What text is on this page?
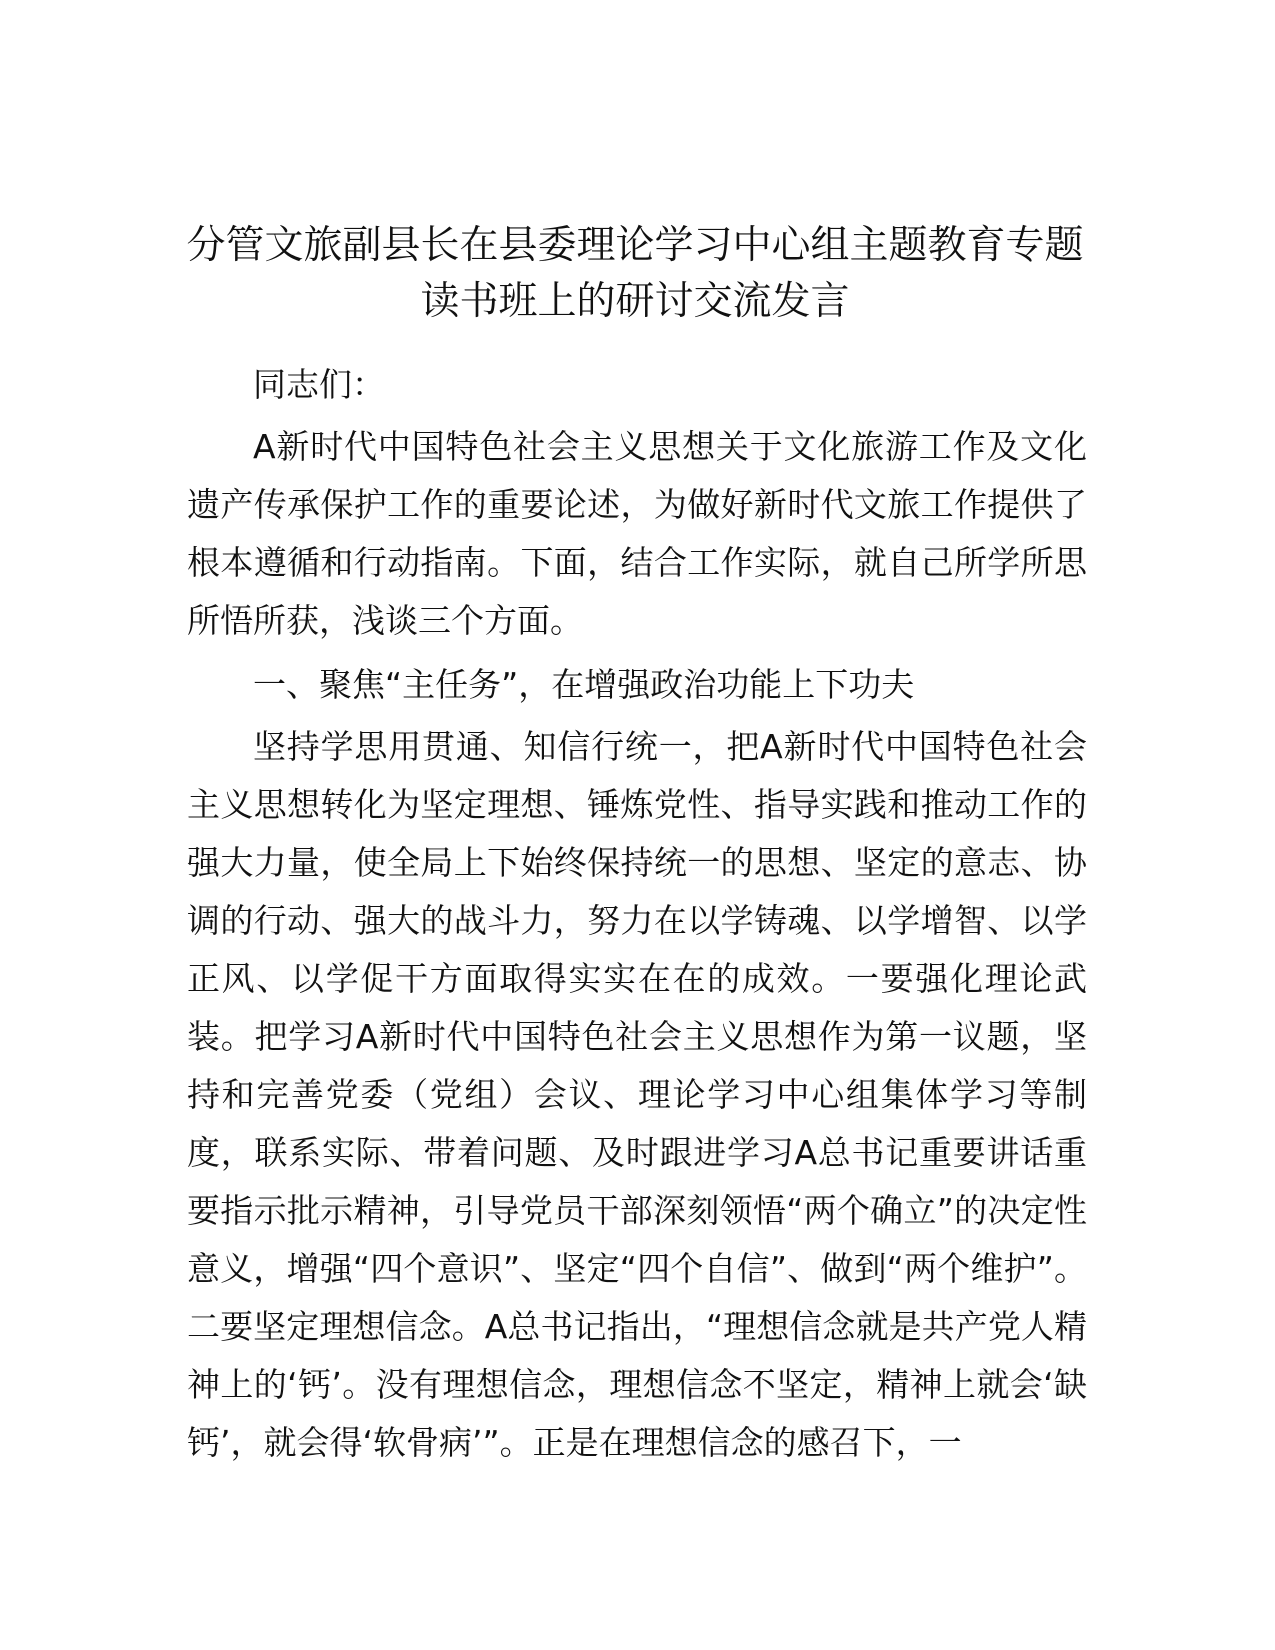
分管文旅副县长在县委理论学习中心组主题教育专题读书班上的研讨交流发言

同志们：

A新时代中国特色社会主义思想关于文化旅游工作及文化遗产传承保护工作的重要论述，为做好新时代文旅工作提供了根本遵循和行动指南。下面，结合工作实际，就自己所学所思所悟所获，浅谈三个方面。

一、聚焦“主任务”，在增强政治功能上下功夫

坚持学思用贯通、知信行统一，把A新时代中国特色社会主义思想转化为坚定理想、锤炼党性、指导实践和推动工作的强大力量，使全局上下始终保持统一的思想、坚定的意志、协调的行动、强大的战斗力，努力在以学铸魂、以学增智、以学正风、以学促干方面取得实实在在的成效。一要强化理论武装。把学习A新时代中国特色社会主义思想作为第一议题，坚持和完善党委（党组）会议、理论学习中心组集体学习等制度，联系实际、带着问题、及时跟进学习A总书记重要讲话重要指示批示精神，引导党员干部深刻领悟“两个确立”的决定性意义，增强“四个意识”、坚定“四个自信”、做到“两个维护”。二要坚定理想信念。A总书记指出，“理想信念就是共产党人精神上的‘钙’。没有理想信念，理想信念不坚定，精神上就会‘缺钙’，就会得‘软骨病’”。正是在理想信念的感召下，一
